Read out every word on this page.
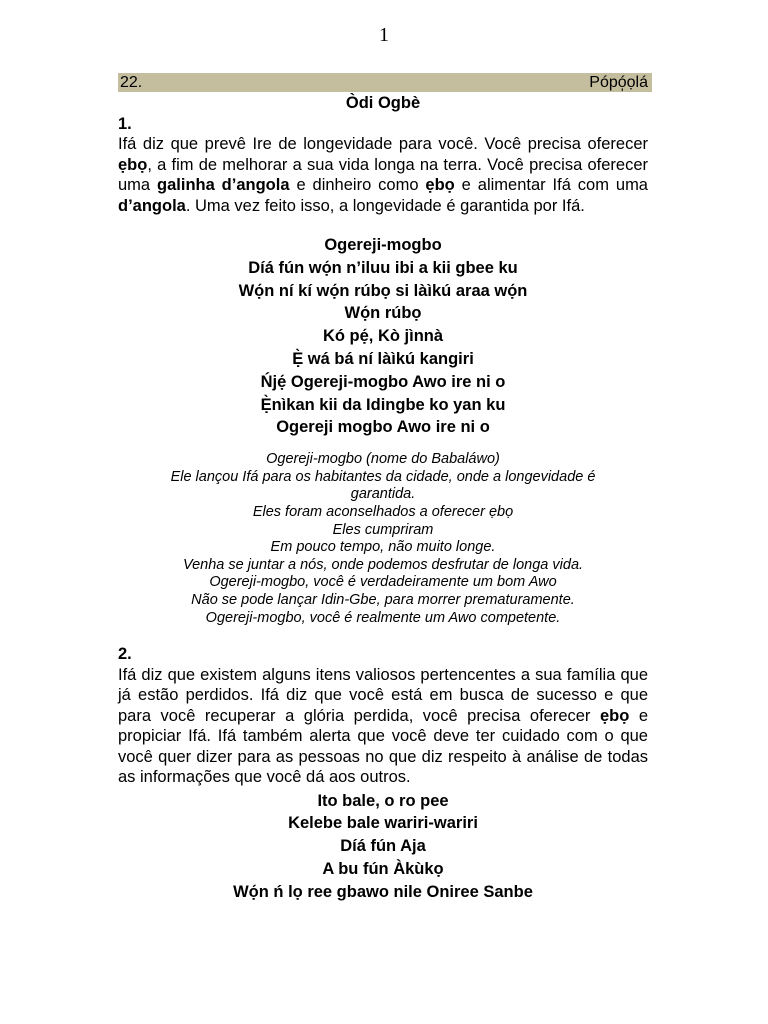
1
22.	Pópó̩ọlá
Òdi Ogbè
1.

Ifá diz que prevê Ire de longevidade para você. Você precisa oferecer ẹbọ, a fim de melhorar a sua vida longa na terra. Você precisa oferecer uma galinha d’angola e dinheiro como ẹbọ e alimentar Ifá com uma d’angola. Uma vez feito isso, a longevidade é garantida por Ifá.

Ogereji-mogbo
Díá fún wọ́n n’iluu ibi a kii gbee ku
Wọ́n ní kí wọ́n rúbọ si làìkú araa wọ́n
Wọ́n rúbọ
Kó pẹ́, Kò jìnnà
Ẹ̀ wá bá ní làìkú kangiri
Ńjẹ́ Ogereji-mogbo Awo ire ni o
Ẹ̀nìkan kii da Idingbe ko yan ku
Ogereji mogbo Awo ire ni o
Ogereji-mogbo (nome do Babaláwo)
Ele lançou Ifá para os habitantes da cidade, onde a longevidade é
garantida.
Eles foram aconselhados a oferecer ẹbọ
Eles cumpriram
Em pouco tempo, não muito longe.
Venha se juntar a nós, onde podemos desfrutar de longa vida.
Ogereji-mogbo, você é verdadeiramente um bom Awo
Não se pode lançar Idin-Gbe, para morrer prematuramente.
Ogereji-mogbo, você é realmente um Awo competente.
2.

Ifá diz que existem alguns itens valiosos pertencentes a sua família que já estão perdidos. Ifá diz que você está em busca de sucesso e que para você recuperar a glória perdida, você precisa oferecer ẹbọ e propiciar Ifá. Ifá também alerta que você deve ter cuidado com o que você quer dizer para as pessoas no que diz respeito à análise de todas as informações que você dá aos outros.

Ito bale, o ro pee
Kelebe bale wariri-wariri
Díá fún Aja
A bu fún Àkùkọ
Wọ́n ń lọ ree gbawo nile Oniree Sanbe
